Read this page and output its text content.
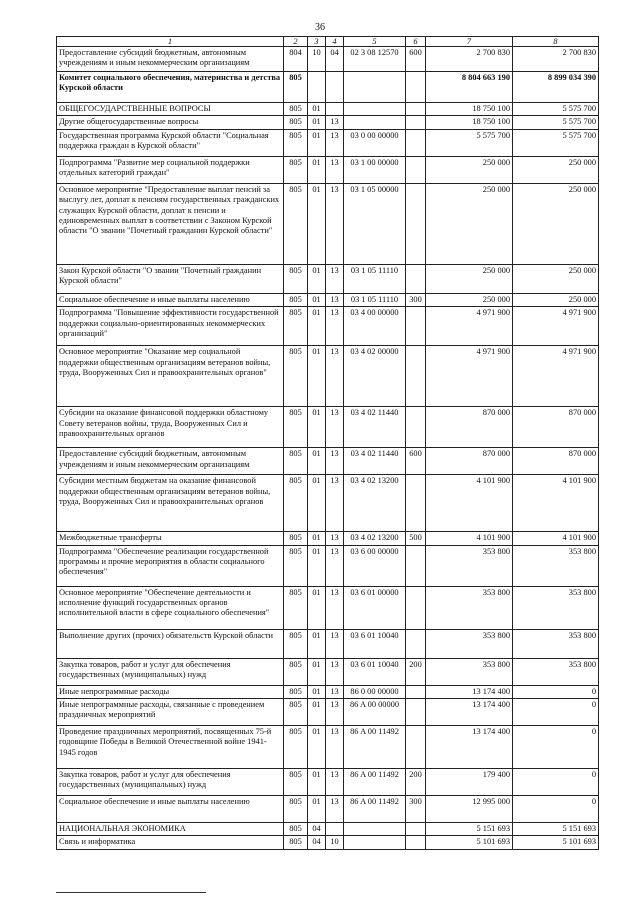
36
1	2	3	4	5	6	7	8
Предоставление субсидий бюджетным, автономным учреждениям и иным некоммерческим организациям	804	10	04	02 3 08 12570	600	2 700 830	2 700 830
Комитет социального обеспечения, материнства и детства Курской области	805					8 804 663 190	8 899 034 390
ОБЩЕГОСУДАРСТВЕННЫЕ ВОПРОСЫ	805	01				18 750 100	5 575 700
Другие общегосударственные вопросы	805	01	13			18 750 100	5 575 700
Государственная программа Курской области "Социальная поддержка граждан в Курской области"	805	01	13	03 0 00 00000		5 575 700	5 575 700
Подпрограмма "Развитие мер социальной поддержки отдельных категорий граждан"	805	01	13	03 1 00 00000		250 000	250 000
Основное мероприятие "Предоставление выплат пенсий за выслугу лет, доплат к пенсиям государственных гражданских служащих Курской области, доплат к пенсии и единовременных выплат в соответствии с Законом Курской области "О звании "Почетный гражданин Курской области"	805	01	13	03 1 05 00000		250 000	250 000
Закон Курской области "О звании "Почетный гражданин Курской области"	805	01	13	03 1 05 11110		250 000	250 000
Социальное обеспечение и иные выплаты населению	805	01	13	03 1 05 11110	300	250 000	250 000
Подпрограмма "Повышение эффективности государственной поддержки социально-ориентированных некоммерческих организаций"	805	01	13	03 4 00 00000		4 971 900	4 971 900
Основное мероприятие "Оказание мер социальной поддержки общественным организациям ветеранов войны, труда, Вооруженных Сил и правоохранительных органов"	805	01	13	03 4 02 00000		4 971 900	4 971 900
Субсидии на оказание финансовой поддержки областному Совету ветеранов войны, труда, Вооруженных Сил и правоохранительных органов	805	01	13	03 4 02 11440		870 000	870 000
Предоставление субсидий бюджетным, автономным учреждениям и иным некоммерческим организациям	805	01	13	03 4 02 11440	600	870 000	870 000
Субсидии местным бюджетам на оказание финансовой поддержки общественным организациям ветеранов войны, труда, Вооруженных Сил и правоохранительных органов	805	01	13	03 4 02 13200		4 101 900	4 101 900
Межбюджетные трансферты	805	01	13	03 4 02 13200	500	4 101 900	4 101 900
Подпрограмма "Обеспечение реализации государственной программы и прочие мероприятия в области социального обеспечения"	805	01	13	03 6 00 00000		353 800	353 800
Основное мероприятие "Обеспечение деятельности и исполнение функций государственных органов исполнительной власти в сфере социального обеспечения"	805	01	13	03 6 01 00000		353 800	353 800
Выполнение других (прочих) обязательств Курской области	805	01	13	03 6 01 10040		353 800	353 800
Закупка товаров, работ и услуг для обеспечения государственных (муниципальных) нужд	805	01	13	03 6 01 10040	200	353 800	353 800
Иные непрограммные расходы	805	01	13	86 0 00 00000		13 174 400	0
Иные непрограммные расходы, связанные с проведением праздничных мероприятий	805	01	13	86 A 00 00000		13 174 400	0
Проведение праздничных мероприятий, посвященных 75-й годовщине Победы в Великой Отечественной войне 1941-1945 годов	805	01	13	86 A 00 11492		13 174 400	0
Закупка товаров, работ и услуг для обеспечения государственных (муниципальных) нужд	805	01	13	86 A 00 11492	200	179 400	0
Социальное обеспечение и иные выплаты населению	805	01	13	86 A 00 11492	300	12 995 000	0
НАЦИОНАЛЬНАЯ ЭКОНОМИКА	805	04				5 151 693	5 151 693
Связь и информатика	805	04	10			5 101 693	5 101 693
